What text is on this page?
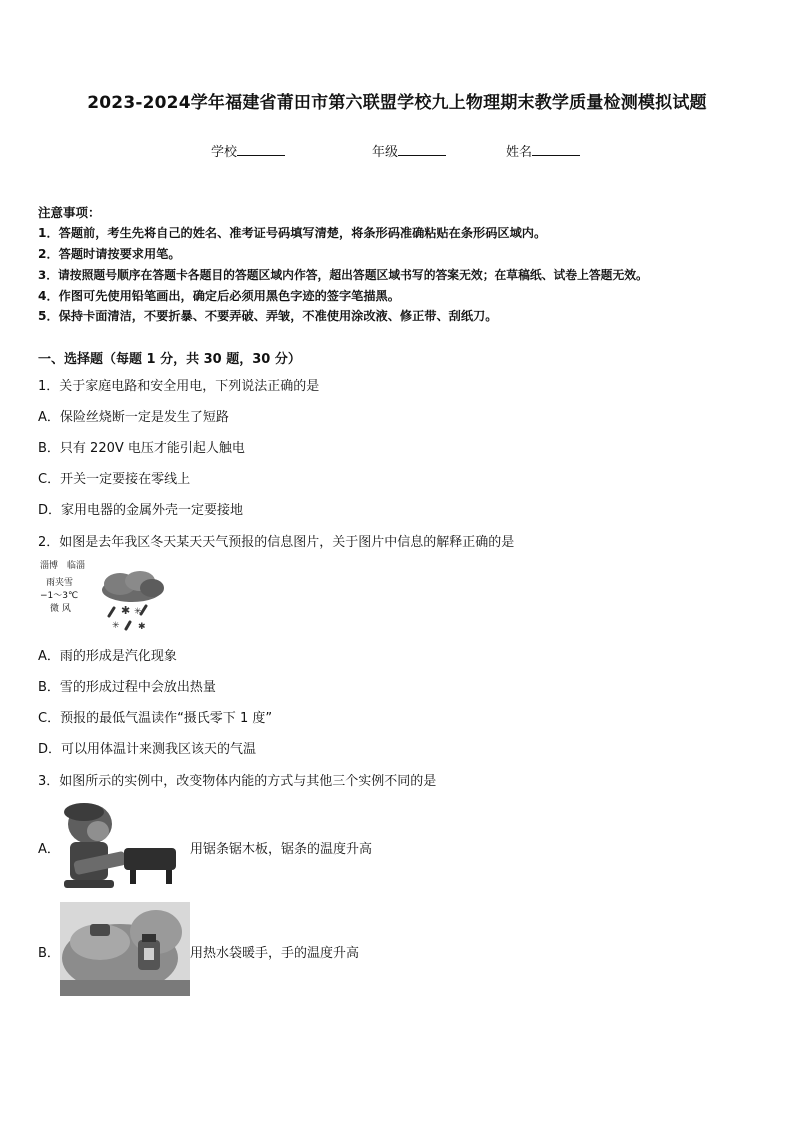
2023-2024学年福建省莆田市第六联盟学校九上物理期末教学质量检测模拟试题
学校	年级	姓名
注意事项：
1．答题前，考生先将自己的姓名、准考证号码填写清楚，将条形码准确粘贴在条形码区域内。
2．答题时请按要求用笔。
3．请按照题号顺序在答题卡各题目的答题区域内作答，超出答题区域书写的答案无效；在草稿纸、试卷上答题无效。
4．作图可先使用铅笔画出，确定后必须用黑色字迹的签字笔描黑。
5．保持卡面清洁，不要折暴、不要弄破、弄皱，不准使用涂改液、修正带、刮纸刀。
一、选择题（每题 1 分，共 30 题，30 分）
1．关于家庭电路和安全用电，下列说法正确的是
A．保险丝烧断一定是发生了短路
B．只有 220V 电压才能引起人触电
C．开关一定要接在零线上
D．家用电器的金属外壳一定要接地
2．如图是去年我区冬天某天天气预报的信息图片，关于图片中信息的解释正确的是
淄博　临淄
雨夹雪
−1～3℃
微 风	✱ ✳
✳ ✱
A．雨的形成是汽化现象
B．雪的形成过程中会放出热量
C．预报的最低气温读作“摄氏零下 1 度”
D．可以用体温计来测我区该天的气温
3．如图所示的实例中，改变物体内能的方式与其他三个实例不同的是
A．	用锯条锯木板，锯条的温度升高
B．	用热水袋暖手，手的温度升高
